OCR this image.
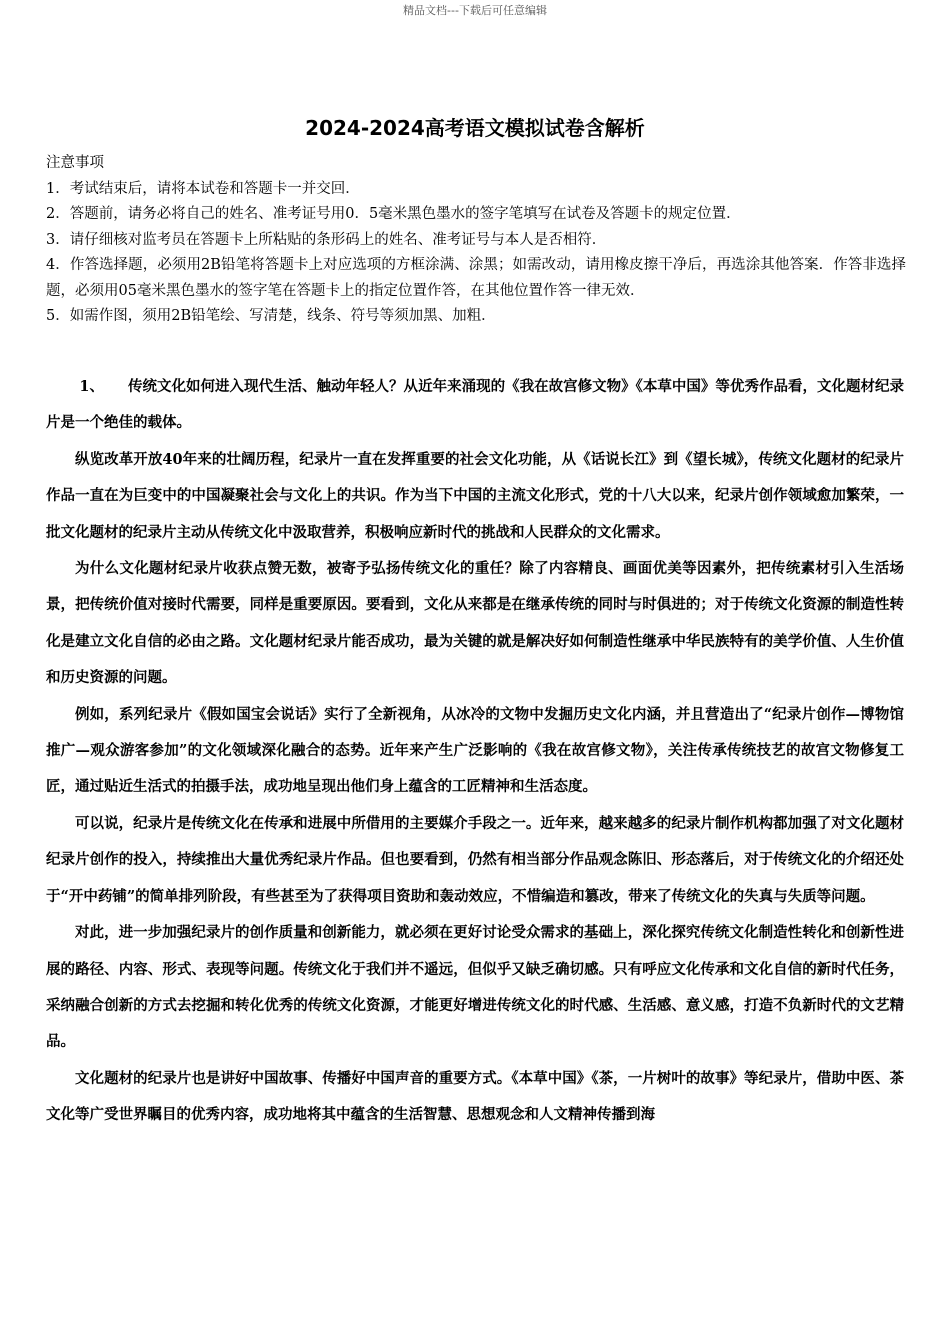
精品文档---下载后可任意编辑
2024-2024高考语文模拟试卷含解析
注意事项
1．考试结束后，请将本试卷和答题卡一并交回．
2．答题前，请务必将自己的姓名、准考证号用0．5毫米黑色墨水的签字笔填写在试卷及答题卡的规定位置．
3．请仔细核对监考员在答题卡上所粘贴的条形码上的姓名、准考证号与本人是否相符．
4．作答选择题，必须用2B铅笔将答题卡上对应选项的方框涂满、涂黑；如需改动，请用橡皮擦干净后，再选涂其他答案．作答非选择题，必须用05毫米黑色墨水的签字笔在答题卡上的指定位置作答，在其他位置作答一律无效．
5．如需作图，须用2B铅笔绘、写清楚，线条、符号等须加黑、加粗．

1、 传统文化如何进入现代生活、触动年轻人？从近年来涌现的《我在故宫修文物》《本草中国》等优秀作品看，文化题材纪录片是一个绝佳的载体。

纵览改革开放40年来的壮阔历程，纪录片一直在发挥重要的社会文化功能，从《话说长江》到《望长城》，传统文化题材的纪录片作品一直在为巨变中的中国凝聚社会与文化上的共识。作为当下中国的主流文化形式，党的十八大以来，纪录片创作领域愈加繁荣，一批文化题材的纪录片主动从传统文化中汲取营养，积极响应新时代的挑战和人民群众的文化需求。

为什么文化题材纪录片收获点赞无数，被寄予弘扬传统文化的重任？除了内容精良、画面优美等因素外，把传统素材引入生活场景，把传统价值对接时代需要，同样是重要原因。要看到，文化从来都是在继承传统的同时与时俱进的；对于传统文化资源的制造性转化是建立文化自信的必由之路。文化题材纪录片能否成功，最为关键的就是解决好如何制造性继承中华民族特有的美学价值、人生价值和历史资源的问题。

例如，系列纪录片《假如国宝会说话》实行了全新视角，从冰冷的文物中发掘历史文化内涵，并且营造出了“纪录片创作—博物馆推广—观众游客参加”的文化领域深化融合的态势。近年来产生广泛影响的《我在故宫修文物》，关注传承传统技艺的故宫文物修复工匠，通过贴近生活式的拍摄手法，成功地呈现出他们身上蕴含的工匠精神和生活态度。

可以说，纪录片是传统文化在传承和进展中所借用的主要媒介手段之一。近年来，越来越多的纪录片制作机构都加强了对文化题材纪录片创作的投入，持续推出大量优秀纪录片作品。但也要看到，仍然有相当部分作品观念陈旧、形态落后，对于传统文化的介绍还处于“开中药铺”的简单排列阶段，有些甚至为了获得项目资助和轰动效应，不惜编造和篡改，带来了传统文化的失真与失质等问题。

对此，进一步加强纪录片的创作质量和创新能力，就必须在更好讨论受众需求的基础上，深化探究传统文化制造性转化和创新性进展的路径、内容、形式、表现等问题。传统文化于我们并不遥远，但似乎又缺乏确切感。只有呼应文化传承和文化自信的新时代任务，采纳融合创新的方式去挖掘和转化优秀的传统文化资源，才能更好增进传统文化的时代感、生活感、意义感，打造不负新时代的文艺精品。

文化题材的纪录片也是讲好中国故事、传播好中国声音的重要方式。《本草中国》《茶，一片树叶的故事》等纪录片，借助中医、茶文化等广受世界瞩目的优秀内容，成功地将其中蕴含的生活智慧、思想观念和人文精神传播到海
